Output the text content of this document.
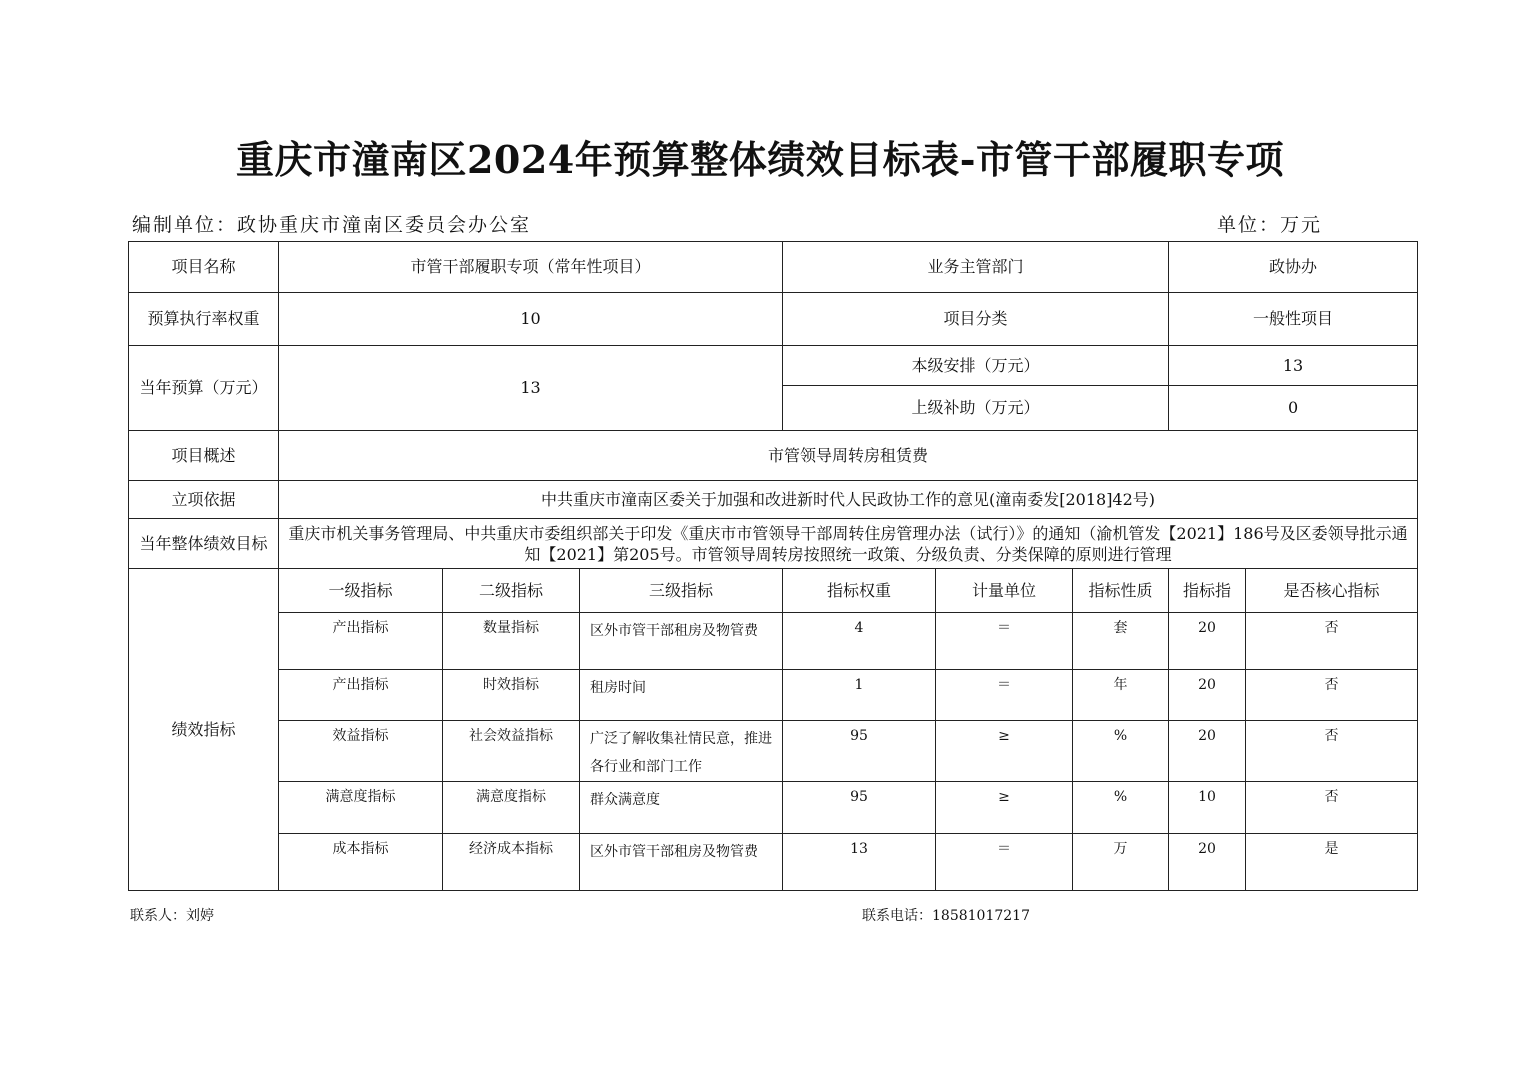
重庆市潼南区2024年预算整体绩效目标表-市管干部履职专项
编制单位：政协重庆市潼南区委员会办公室	单位：万元
项目名称	市管干部履职专项（常年性项目）			业务主管部门			政协办	
预算执行率权重	10			项目分类			一般性项目	
当年预算（万元）	13			本级安排（万元）			13	
				上级补助（万元）			0	
项目概述	市管领导周转房租赁费							
立项依据	中共重庆市潼南区委关于加强和改进新时代人民政协工作的意见(潼南委发[2018]42号)							
当年整体绩效目标	重庆市机关事务管理局、中共重庆市委组织部关于印发《重庆市市管领导干部周转住房管理办法（试行）》的通知（渝机管发【2021】186号及区委领导批示通知【2021】第205号。市管领导周转房按照统一政策、分级负责、分类保障的原则进行管理							
绩效指标	一级指标	二级指标	三级指标	指标权重	计量单位	指标性质	指标指	是否核心指标
	产出指标	数量指标	区外市管干部租房及物管费	4	＝	套	20	否
	产出指标	时效指标	租房时间	1	＝	年	20	否
	效益指标	社会效益指标	广泛了解收集社情民意，推进各行业和部门工作	95	≥	%	20	否
	满意度指标	满意度指标	群众满意度	95	≥	%	10	否
	成本指标	经济成本指标	区外市管干部租房及物管费	13	＝	万	20	是
联系人：刘婷	联系电话：18581017217
